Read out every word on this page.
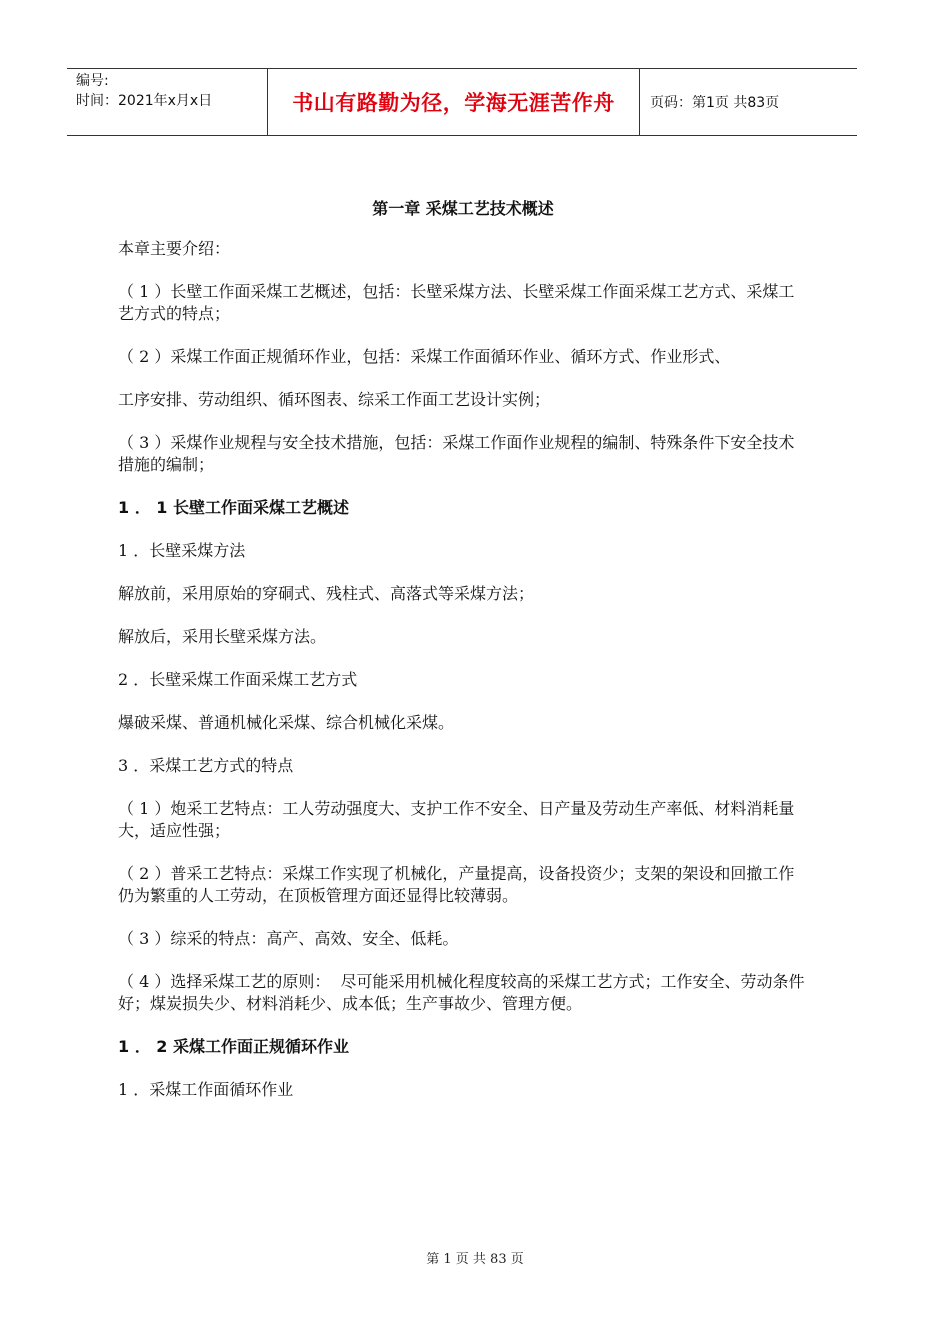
编号:
时间：2021年x月x日	书山有路勤为径，学海无涯苦作舟	页码：第1页 共83页
第一章 采煤工艺技术概述
本章主要介绍：
（ 1 ）长壁工作面采煤工艺概述，包括：长壁采煤方法、长壁采煤工作面采煤工艺方式、采煤工艺方式的特点；
（ 2 ）采煤工作面正规循环作业，包括：采煤工作面循环作业、循环方式、作业形式、
工序安排、劳动组织、循环图表、综采工作面工艺设计实例；
（ 3 ）采煤作业规程与安全技术措施，包括：采煤工作面作业规程的编制、特殊条件下安全技术措施的编制；
1 ． 1 长壁工作面采煤工艺概述
1 ．长壁采煤方法
解放前，采用原始的穿硐式、残柱式、高落式等采煤方法；
解放后，采用长壁采煤方法。
2 ．长壁采煤工作面采煤工艺方式
爆破采煤、普通机械化采煤、综合机械化采煤。
3 ．采煤工艺方式的特点
（ 1 ）炮采工艺特点：工人劳动强度大、支护工作不安全、日产量及劳动生产率低、材料消耗量大，适应性强；
（ 2 ）普采工艺特点：采煤工作实现了机械化，产量提高，设备投资少；支架的架设和回撤工作仍为繁重的人工劳动，在顶板管理方面还显得比较薄弱。
（ 3 ）综采的特点：高产、高效、安全、低耗。
（ 4 ）选择采煤工艺的原则：  尽可能采用机械化程度较高的采煤工艺方式；工作安全、劳动条件好；煤炭损失少、材料消耗少、成本低；生产事故少、管理方便。
1 ． 2 采煤工作面正规循环作业
1 ．采煤工作面循环作业
第 1 页 共 83 页
